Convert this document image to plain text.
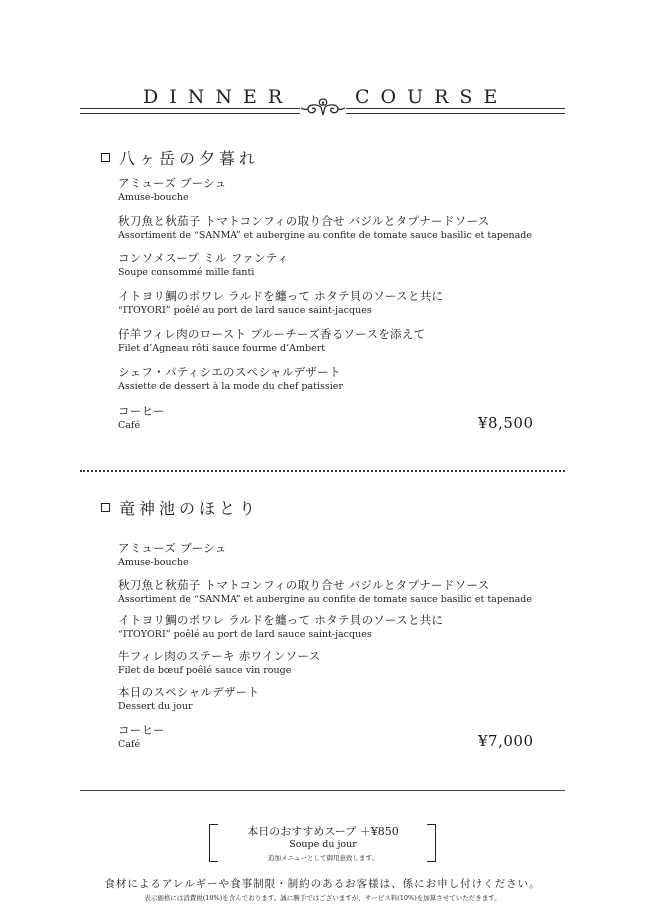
DINNER	COURSE
八ヶ岳の夕暮れ
アミューズ ブーシュ
Amuse-bouche
秋刀魚と秋茄子 トマトコンフィの取り合せ バジルとタプナードソース
Assortiment de “SANMA” et aubergine au confite de tomate sauce basilic et tapenade
コンソメスープ ミル ファンティ
Soupe consommé mille fanti
イトヨリ鯛のポワレ ラルドを纏って ホタテ貝のソースと共に
“ITOYORI” poêlé au port de lard sauce saint-jacques
仔羊フィレ肉のロースト ブルーチーズ香るソースを添えて
Filet d’Agneau rôti sauce fourme d’Ambert
シェフ・パティシエのスペシャルデザート
Assiette de dessert à la mode du chef patissier
コーヒー
Café	¥8,500
竜神池のほとり
アミューズ ブーシュ
Amuse-bouche
秋刀魚と秋茄子 トマトコンフィの取り合せ バジルとタプナードソース
Assortiment de “SANMA” et aubergine au confite de tomate sauce basilic et tapenade
イトヨリ鯛のポワレ ラルドを纏って ホタテ貝のソースと共に
“ITOYORI” poêlé au port de lard sauce saint-jacques
牛フィレ肉のステーキ 赤ワインソース
Filet de bœuf poêlé sauce vin rouge
本日のスペシャルデザート
Dessert du jour
コーヒー
Café	¥7,000
本日のおすすめスープ ＋¥850
Soupe du jour
追加メニューとして御用意致します。
食材によるアレルギーや食事制限・制約のあるお客様は、係にお申し付けください。
表示価格には消費税(10%)を含んでおります。誠に勝手ではございますが、サービス料(10%)を加算させていただきます。
